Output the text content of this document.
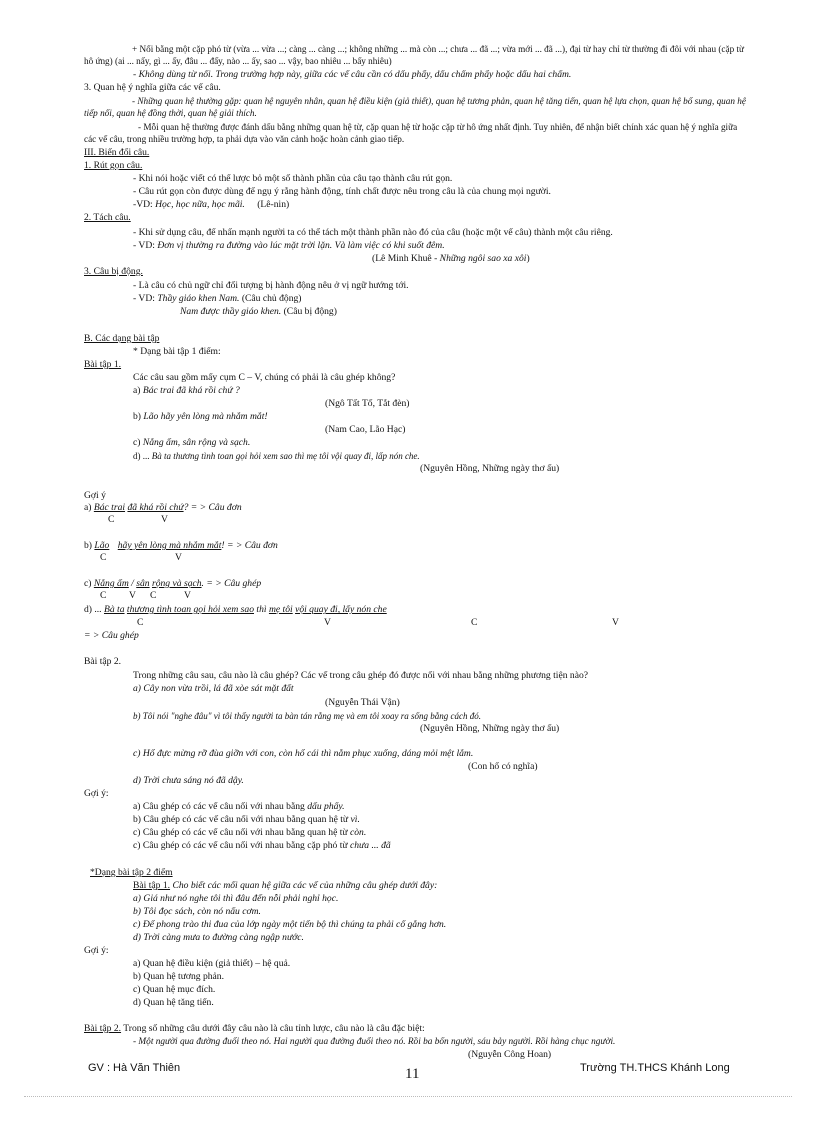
+ Nối bằng một cặp phó từ (vừa ... vừa ...; càng ... càng ...; không những ... mà còn ...; chưa ... đã ...; vừa mới ... đã ...), đại từ hay chỉ từ thường đi đôi với nhau (cặp từ hô ứng) (ai ... nấy, gì ... ấy, đâu ... đấy, nào ... ấy, sao ... vậy, bao nhiêu ... bấy nhiêu)
- Không dùng từ nối. Trong trường hợp này, giữa các vế câu cần có dấu phẩy, dấu chấm phẩy hoặc dấu hai chấm.
3. Quan hệ ý nghĩa giữa các vế câu.
- Những quan hệ thường gặp: quan hệ nguyên nhân, quan hệ điều kiện (giả thiết), quan hệ tương phản, quan hệ tăng tiến, quan hệ lựa chọn, quan hệ bổ sung, quan hệ tiếp nối, quan hệ đồng thời, quan hệ giải thích.
- Mỗi quan hệ thường được đánh dấu bằng những quan hệ từ, cặp quan hệ từ hoặc cặp từ hô ứng nhất định. Tuy nhiên, để nhận biết chính xác quan hệ ý nghĩa giữa các vế câu, trong nhiều trường hợp, ta phải dựa vào văn cảnh hoặc hoàn cảnh giao tiếp.
III. Biến đổi câu.
1. Rút gọn câu.
- Khi nói hoặc viết có thể lược bỏ một số thành phần của câu tạo thành câu rút gọn.
- Câu rút gọn còn được dùng để ngụ ý rằng hành động, tính chất được nêu trong câu là của chung mọi người.
-VD: Học, học nữa, học mãi. (Lê-nin)
2. Tách câu.
- Khi sử dụng câu, để nhấn mạnh người ta có thể tách một thành phần nào đó của câu (hoặc một vế câu) thành một câu riêng.
- VD: Đơn vị thường ra đường vào lúc mặt trời lặn. Và làm việc có khi suốt đêm.
(Lê Minh Khuê - Những ngôi sao xa xôi)
3. Câu bị động.
- Là câu có chủ ngữ chỉ đối tượng bị hành động nêu ở vị ngữ hướng tới.
- VD: Thầy giáo khen Nam. (Câu chủ động)
Nam được thầy giáo khen. (Câu bị động)
B. Các dạng bài tập
* Dạng bài tập 1 điểm:
Bài tập 1.
Các câu sau gồm mấy cụm C – V, chúng có phải là câu ghép không?
a) Bác trai đã khá rồi chứ ?
(Ngô Tất Tố, Tắt đèn)
b) Lão hãy yên lòng mà nhắm mắt!
(Nam Cao, Lão Hạc)
c) Nắng ấm, sân rộng và sạch.
d) ... Bà ta thương tình toan gọi hỏi xem sao thì mẹ tôi vội quay đi, lấp nón che.
(Nguyên Hồng, Những ngày thơ ấu)
Gợi ý
a) Bác trai đã khá rồi chứ? = > Câu đơn
C	V
b) Lão hãy yên lòng mà nhắm mắt! = > Câu đơn
C	V
c) Nắng ấm / sân rộng và sạch. = > Câu ghép
C V C	V
d) ... Bà ta thương tình toan gọi hỏi xem sao thì mẹ tôi vội quay đi, lấy nón che
C	V	C	V
= > Câu ghép
Bài tập 2.
Trong những câu sau, câu nào là câu ghép? Các vế trong câu ghép đó được nối với nhau bằng những phương tiện nào?
a) Cây non vừa trồi, lá đã xòe sát mặt đất
(Nguyễn Thái Vận)
b) Tôi nói "nghe đâu" vì tôi thấy người ta bàn tán rằng mẹ và em tôi xoay ra sống bằng cách đó.
(Nguyên Hồng, Những ngày thơ ấu)
c) Hổ đực mừng rỡ đùa giỡn với con, còn hổ cái thì nằm phục xuống, dáng mỏi mệt lắm.
(Con hổ có nghĩa)
d) Trời chưa sáng nó đã dậy.
Gợi ý:
a) Câu ghép có các vế câu nối với nhau bằng dấu phẩy.
b) Câu ghép có các vế câu nối với nhau bằng quan hệ từ vì.
c) Câu ghép có các vế câu nối với nhau bằng quan hệ từ còn.
c) Câu ghép có các vế câu nối với nhau bằng cặp phó từ chưa ... đã
*Dạng bài tập 2 điểm
Bài tập 1. Cho biết các mối quan hệ giữa các vế của những câu ghép dưới đây:
a) Giá như nó nghe tôi thì đâu đến nỗi phải nghỉ học.
b) Tôi đọc sách, còn nó nấu cơm.
c) Để phong trào thi đua của lớp ngày một tiến bộ thì chúng ta phải cố gắng hơn.
d) Trời càng mưa to đường càng ngập nước.
Gợi ý:
a) Quan hệ điều kiện (giả thiết) – hệ quả.
b) Quan hệ tương phản.
c) Quan hệ mục đích.
d) Quan hệ tăng tiến.
Bài tập 2. Trong số những câu dưới đây câu nào là câu tỉnh lược, câu nào là câu đặc biệt:
- Một người qua đường đuổi theo nó. Hai người qua đường đuổi theo nó. Rồi ba bốn người, sáu bảy người. Rồi hàng chục người.
(Nguyễn Công Hoan)
GV : Hà Văn Thiên	11	Trường TH.THCS Khánh Long
